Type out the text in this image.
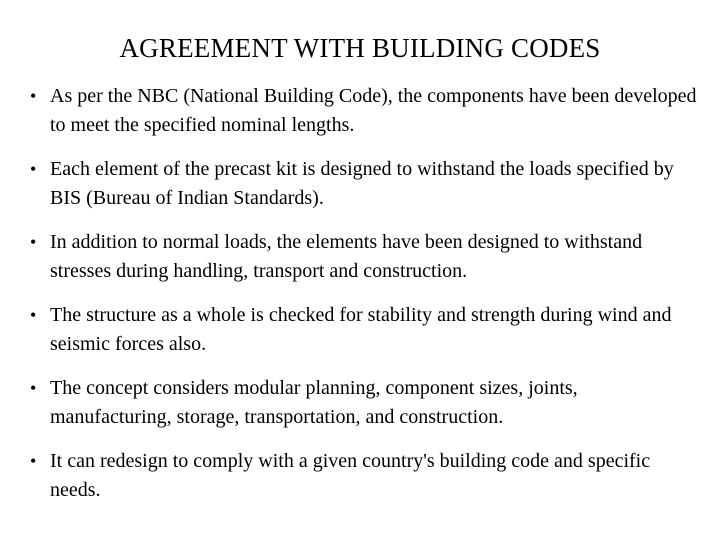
AGREEMENT WITH BUILDING CODES
• As per the NBC (National Building Code), the components have been developed to meet the specified nominal lengths.
• Each element of the precast kit is designed to withstand the loads specified by BIS (Bureau of Indian Standards).
• In addition to normal loads, the elements have been designed to withstand stresses during handling, transport and construction.
• The structure as a whole is checked for stability and strength during wind and seismic forces also.
• The concept considers modular planning, component sizes, joints, manufacturing, storage, transportation, and construction.
• It can redesign to comply with a given country's building code and specific needs.
